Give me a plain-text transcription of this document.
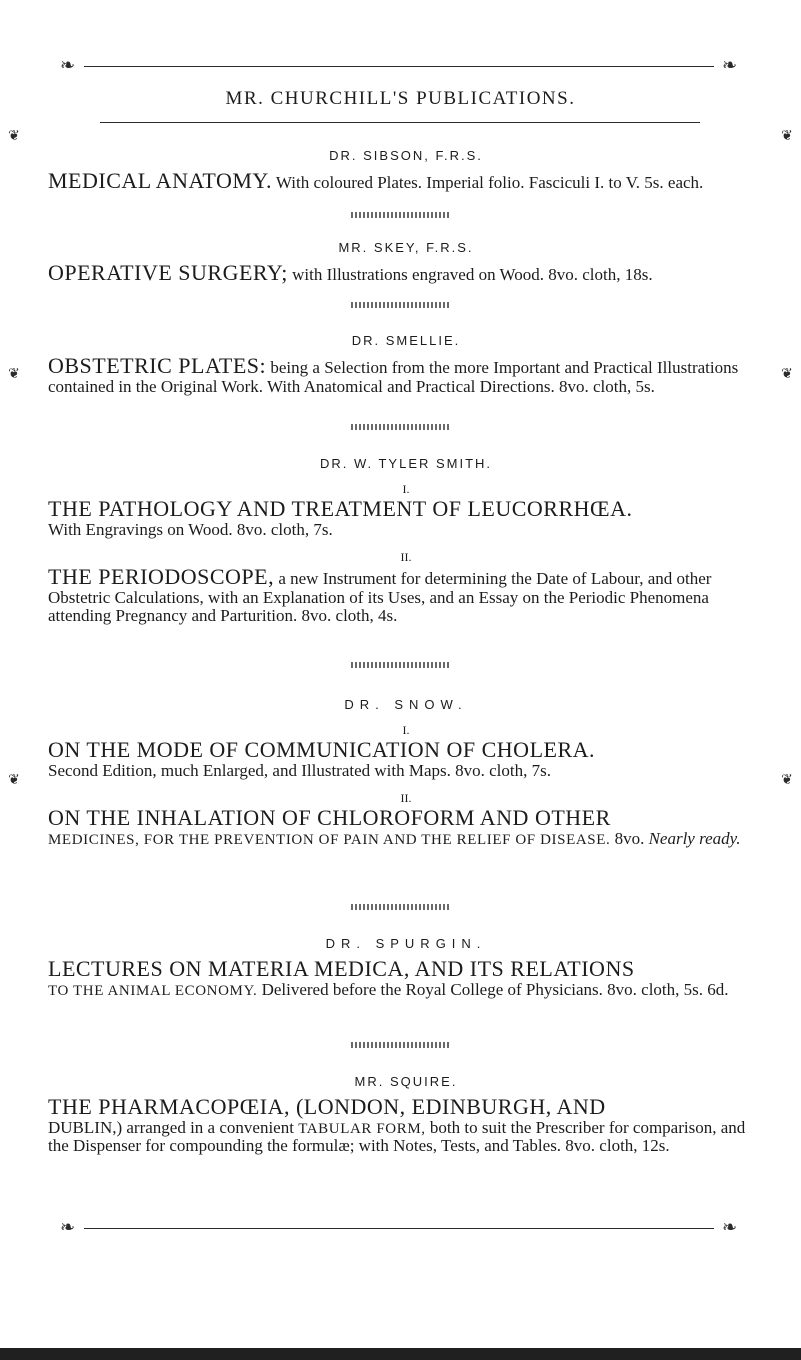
❧	❧
MR. CHURCHILL'S PUBLICATIONS.
❦

❦

❦
❦

❦

❦

DR. SIBSON, F.R.S.

MEDICAL ANATOMY. With coloured Plates. Imperial folio. Fasciculi I. to V. 5s. each.

MR. SKEY, F.R.S.

OPERATIVE SURGERY; with Illustrations engraved on Wood. 8vo. cloth, 18s.

DR. SMELLIE.

OBSTETRIC PLATES: being a Selection from the more Important and Practical Illustrations contained in the Original Work. With Anatomical and Practical Directions. 8vo. cloth, 5s.

DR. W. TYLER SMITH.

I.

THE PATHOLOGY AND TREATMENT OF LEUCORRHŒA.
With Engravings on Wood. 8vo. cloth, 7s.

II.

THE PERIODOSCOPE, a new Instrument for determining the Date of Labour, and other Obstetric Calculations, with an Explanation of its Uses, and an Essay on the Periodic Phenomena attending Pregnancy and Parturition. 8vo. cloth, 4s.

DR. SNOW.

I.

ON THE MODE OF COMMUNICATION OF CHOLERA.
Second Edition, much Enlarged, and Illustrated with Maps. 8vo. cloth, 7s.

II.

ON THE INHALATION OF CHLOROFORM AND OTHER
MEDICINES, FOR THE PREVENTION OF PAIN AND THE RELIEF OF DISEASE. 8vo. Nearly ready.

DR. SPURGIN.

LECTURES ON MATERIA MEDICA, AND ITS RELATIONS
TO THE ANIMAL ECONOMY. Delivered before the Royal College of Physicians. 8vo. cloth, 5s. 6d.

MR. SQUIRE.

THE PHARMACOPŒIA, (LONDON, EDINBURGH, AND
DUBLIN,) arranged in a convenient TABULAR FORM, both to suit the Prescriber for comparison, and the Dispenser for compounding the formulæ; with Notes, Tests, and Tables. 8vo. cloth, 12s.

❧	❧
